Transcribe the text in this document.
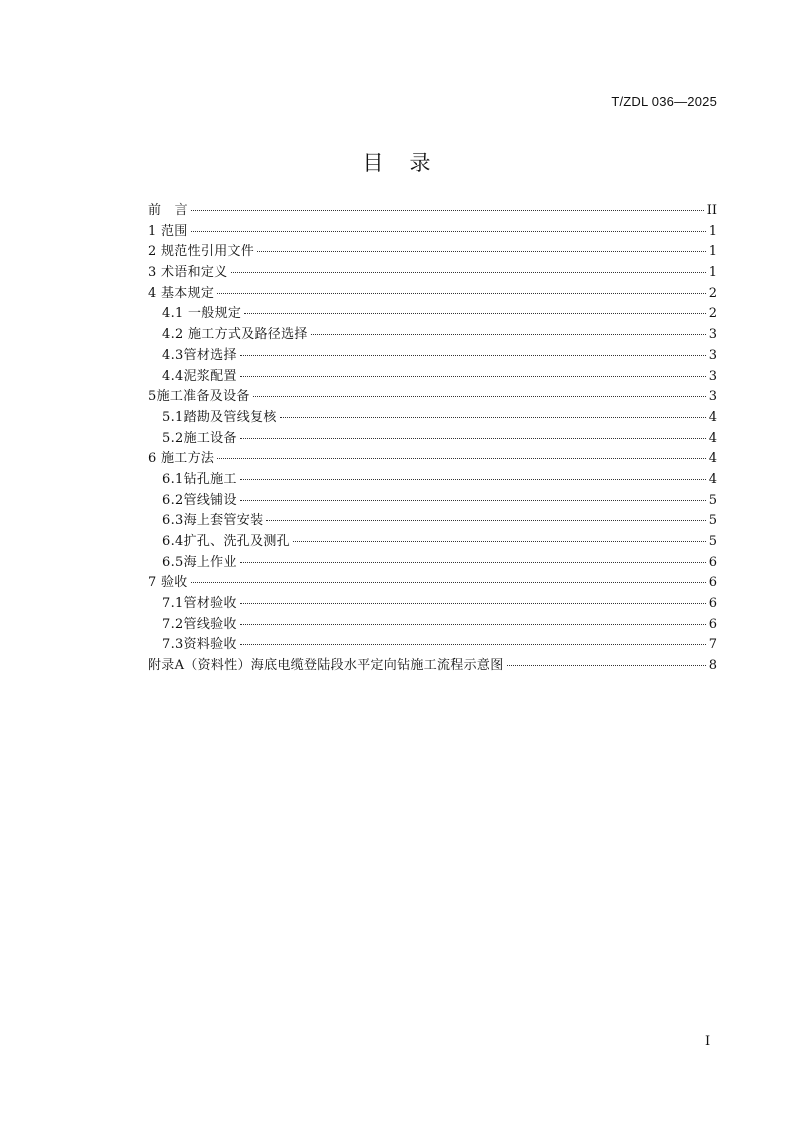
T/ZDL 036—2025
目录
前　言	II
1 范围	1
2 规范性引用文件	1
3 术语和定义	1
4 基本规定	2
4.1 一般规定	2
4.2 施工方式及路径选择	3
4.3管材选择	3
4.4泥浆配置	3
5施工准备及设备	3
5.1踏勘及管线复核	4
5.2施工设备	4
6 施工方法	4
6.1钻孔施工	4
6.2管线铺设	5
6.3海上套管安装	5
6.4扩孔、洗孔及测孔	5
6.5海上作业	6
7 验收	6
7.1管材验收	6
7.2管线验收	6
7.3资料验收	7
附录A（资料性）海底电缆登陆段水平定向钻施工流程示意图	8
I
